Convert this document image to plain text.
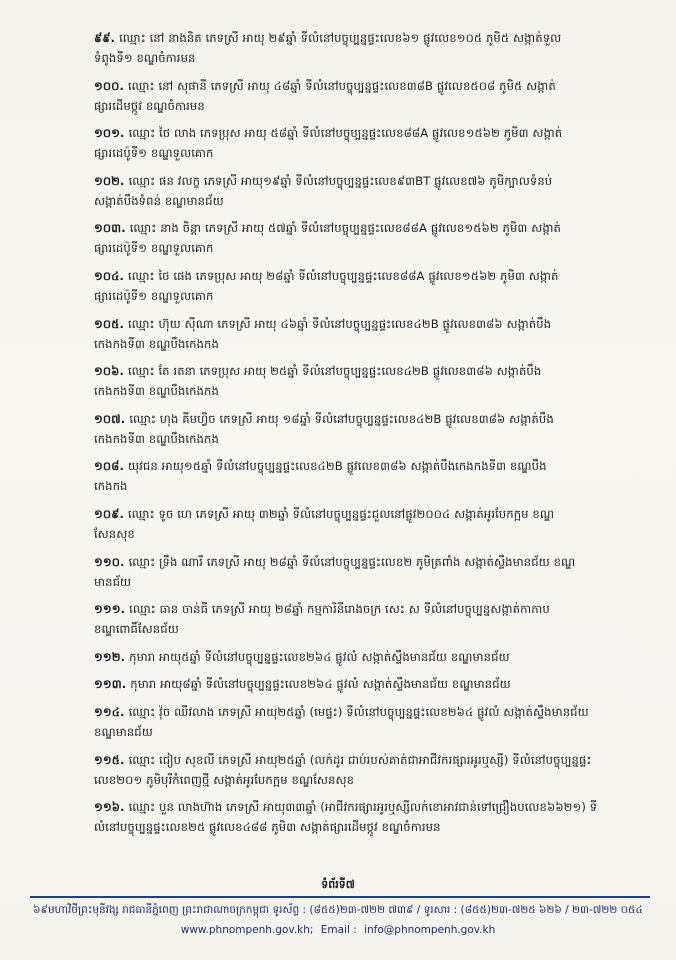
៩៩. ឈ្មោះ នៅ នាងនិត ភេទស្រី អាយុ ២៩ឆ្នាំ ទីលំនៅបច្ចុប្បន្នផ្ទះលេខ៦១ ផ្លូវលេខ១០៥ ភូមិ៥ សង្កាត់ទួល
ទំពូងទី១ ខណ្ឌចំការមន
១០០. ឈ្មោះ នៅ សុផានី ភេទស្រី អាយុ ៤៨ឆ្នាំ ទីលំនៅបច្ចុប្បន្នផ្ទះលេខ៣៨B ផ្លូវលេខ៥០៨ ភូមិ៥ សង្កាត់
ផ្សារដើមថ្កូវ ខណ្ឌចំការមន
១០១. ឈ្មោះ ថៃ លាង ភេទប្រុស អាយុ ៥៨ឆ្នាំ ទីលំនៅបច្ចុប្បន្នផ្ទះលេខ៨៨A ផ្លូវលេខ១៥៦២ ភូមិ៣ សង្កាត់
ផ្សារដេប៉ូទី១ ខណ្ឌទួលគោក
១០២. ឈ្មោះ ផន វលក្ខ ភេទស្រី អាយុ១៩ឆ្នាំ ទីលំនៅបច្ចុប្បន្នផ្ទះលេខ៩៣BT ផ្លូវលេខ៧៦ ភូមិក្បាលទំនប់
សង្កាត់បឹងទំពន់ ខណ្ឌមានជ័យ
១០៣. ឈ្មោះ នាង ចិន្តា ភេទស្រី អាយុ ៥៧ឆ្នាំ ទីលំនៅបច្ចុប្បន្នផ្ទះលេខ៨៨A ផ្លូវលេខ១៥៦២ ភូមិ៣ សង្កាត់
ផ្សារដេប៉ូទី១ ខណ្ឌទួលគោក
១០៤. ឈ្មោះ ថៃ ផេង ភេទប្រុស អាយុ ២៨ឆ្នាំ ទីលំនៅបច្ចុប្បន្នផ្ទះលេខ៨៨A ផ្លូវលេខ១៥៦២ ភូមិ៣ សង្កាត់
ផ្សារដេប៉ូទី១ ខណ្ឌទួលគោក
១០៥. ឈ្មោះ ហ៊ុយ ស៊ីណា ភេទស្រី អាយុ ៤៦ឆ្នាំ ទីលំនៅបច្ចុប្បន្នផ្ទះលេខ៤២B ផ្លូវលេខ៣៨៦ សង្កាត់បឹង
កេងកងទី៣ ខណ្ឌបឹងកេងកង
១០៦. ឈ្មោះ តែ រតនា ភេទប្រុស អាយុ ២៥ឆ្នាំ ទីលំនៅបច្ចុប្បន្នផ្ទះលេខ៤២B ផ្លូវលេខ៣៨៦ សង្កាត់បឹង
កេងកងទី៣ ខណ្ឌបឹងកេងកង
១០៧. ឈ្មោះ ហុង គីមហ្វិច ភេទស្រី អាយុ ១៨ឆ្នាំ ទីលំនៅបច្ចុប្បន្នផ្ទះលេខ៤២B ផ្លូវលេខ៣៨៦ សង្កាត់បឹង
កេងកងទី៣ ខណ្ឌបឹងកេងកង
១០៨. យុវជន អាយុ១៥ឆ្នាំ ទីលំនៅបច្ចុប្បន្នផ្ទះលេខ៤២B ផ្លូវលេខ៣៨៦ សង្កាត់បឹងកេងកងទី៣ ខណ្ឌបឹង
កេងកង
១០៩. ឈ្មោះ ទូច ហេ ភេទស្រី អាយុ ៣២ឆ្នាំ ទីលំនៅបច្ចុប្បន្នផ្ទះជួលនៅផ្លូវ២០០៤ សង្កាត់អូរបែកក្អម ខណ្ឌ
សែនសុខ
១១០. ឈ្មោះ ទ្រឹង ណារី ភេទស្រី អាយុ ២៨ឆ្នាំ ទីលំនៅបច្ចុប្បន្នផ្ទះលេខ២ ភូមិត្រពាំង សង្កាត់ស្ទឹងមានជ័យ ខណ្ឌ
មានជ័យ
១១១. ឈ្មោះ ធាន ចាន់ធី ភេទស្រី អាយុ ២៨ឆ្នាំ កម្មការិនីរោងចក្រ សេះ ស ទីលំនៅបច្ចុប្បន្នសង្កាត់កាកាប
ខណ្ឌពោធិ៍សែនជ័យ
១១២. កុមារា អាយុ៥ឆ្នាំ ទីលំនៅបច្ចុប្បន្នផ្ទះលេខ២៦៤ ផ្លូវលំ សង្កាត់ស្ទឹងមានជ័យ ខណ្ឌមានជ័យ
១១៣. កុមារា អាយុ៨ឆ្នាំ ទីលំនៅបច្ចុប្បន្នផ្ទះលេខ២៦៤ ផ្លូវលំ សង្កាត់ស្ទឹងមានជ័យ ខណ្ឌមានជ័យ
១១៤. ឈ្មោះ វ៉ុច ឈីវលាង ភេទស្រី អាយុ២៥ឆ្នាំ (មេផ្ទះ) ទីលំនៅបច្ចុប្បន្នផ្ទះលេខ២៦៤ ផ្លូវលំ សង្កាត់ស្ទឹងមានជ័យ
ខណ្ឌមានជ័យ
១១៥. ឈ្មោះ ជៀប សុខលី ភេទស្រី អាយុ២៥ឆ្នាំ (លក់ដូរ ជាប់របស់គាត់ជាអាជីវករផ្សារអូរឬស្សី) ទីលំនៅបច្ចុប្បន្នផ្ទះ
លេខ២០១ ភូមិបុរីកំពេញថ្មី សង្កាត់អូរបែកក្អម ខណ្ឌសែនសុខ
១១៦. ឈ្មោះ បួន លាងហ៊ាង ភេទស្រី អាយុ៣៣ឆ្នាំ (អាជីវករផ្សារអូរឬស្សីលក់ខោអាវជាន់ទៅជ្រឿងបលេខ៦៦២១) ទី
លំនៅបច្ចុប្បន្នផ្ទះលេខ២៥ ផ្លូវលេខ៤៨៨ ភូមិ៣ សង្កាត់ផ្សារដើមថ្កូវ ខណ្ឌចំការមន
ទំព័រទី៧
៦៩មហាវិថីព្រះមុនីវង្ស រាជធានីភ្នំពេញ ព្រះរាជាណាចក្រកម្ពុជា ទូរស័ព្ទ : (៨៥៥)២៣-៧២២ ៧៣៩ / ទូរសារ : (៨៥៥)២៣-៧២៥ ៦២៦ / ២៣-៧២២ ០៥៤
www.phnompenh.gov.kh; Email : info@phnompenh.gov.kh
